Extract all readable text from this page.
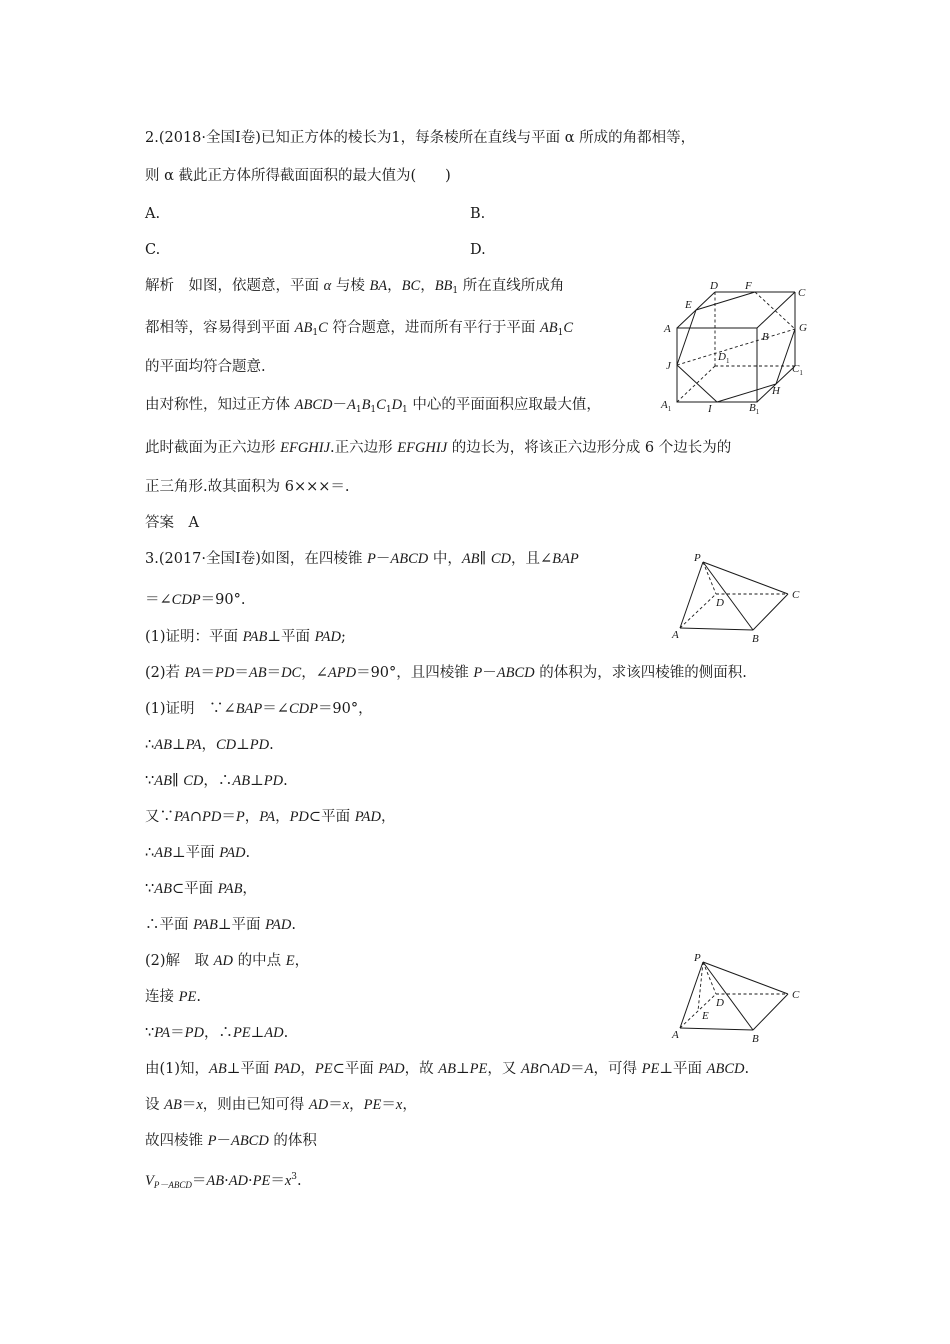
2.(2018·全国Ⅰ卷)已知正方体的棱长为1，每条棱所在直线与平面 α 所成的角都相等，
则 α 截此正方体所得截面面积的最大值为(　　)
A.	B.
C.	D.
解析　如图，依题意，平面 α 与棱 BA，BC，$BB_1$ 所在直线所成角
都相等，容易得到平面 $AB_1C$ 符合题意，进而所有平行于平面 $AB_1C$
的平面均符合题意.
由对称性，知过正方体 $ABCD-A_1B_1C_1D_1$ 中心的平面面积应取最大值，
此时截面为正六边形 EFGHIJ.正六边形 EFGHIJ 的边长为，将该正六边形分成 6 个边长为的
正三角形.故其面积为 6×××＝.
答案　A
A
B
C
D
E
F
G
H
I
J
$A_1$	$B_1$
$C_1$
$D_1$
3.(2017·全国Ⅰ卷)如图，在四棱锥 P－ABCD 中，AB∥ CD，且∠BAP
＝∠CDP＝90°.
(1)证明：平面 PAB⊥平面 PAD;
(2)若 PA＝PD＝AB＝DC，∠APD＝90°，且四棱锥 P－ABCD 的体积为，求该四棱锥的侧面积.
(1)证明　∵∠BAP＝∠CDP＝90°，
∴AB⊥PA，CD⊥PD.
∵AB∥ CD，∴AB⊥PD.
又∵PA∩PD＝P，PA，PD⊂平面 PAD，
∴AB⊥平面 PAD.
∵AB⊂平面 PAB，
∴平面 PAB⊥平面 PAD.
(2)解　取 AD 的中点 E，
连接 PE.
∵PA＝PD，∴PE⊥AD.
由(1)知，AB⊥平面 PAD，PE⊂平面 PAD，故 AB⊥PE，又 AB∩AD＝A，可得 PE⊥平面 ABCD.
设 AB＝x，则由已知可得 AD＝x，PE＝x，
故四棱锥 P－ABCD 的体积
$V_{P-ABCD}=AB\cdot AD\cdot PE=x^3$.
P
D
C
A	B
P
D
E
C
A	B
